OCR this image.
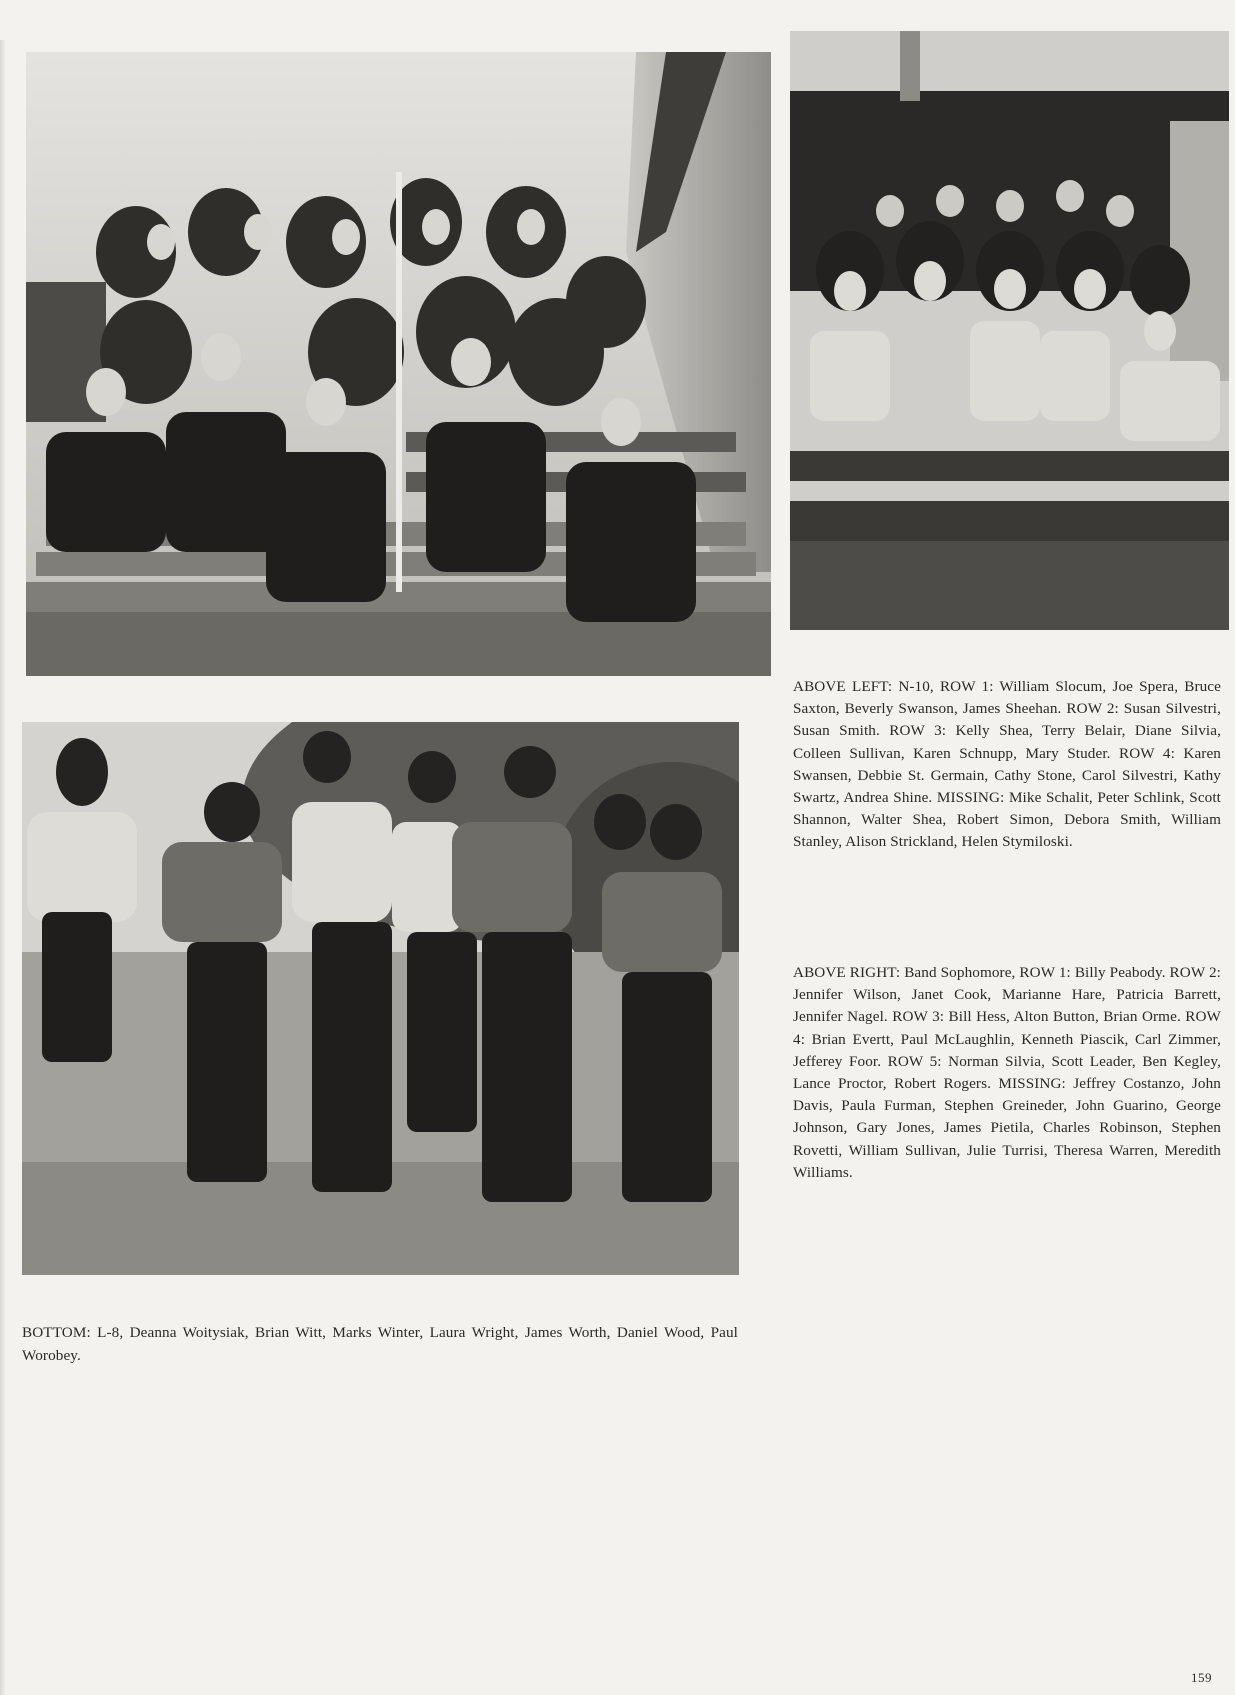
ABOVE LEFT: N-10, ROW 1: William Slocum, Joe Spera, Bruce Saxton, Beverly Swanson, James Sheehan. ROW 2: Susan Silvestri, Susan Smith. ROW 3: Kelly Shea, Terry Belair, Diane Silvia, Colleen Sullivan, Karen Schnupp, Mary Studer. ROW 4: Karen Swansen, Debbie St. Germain, Cathy Stone, Carol Silvestri, Kathy Swartz, Andrea Shine. MISSING: Mike Schalit, Peter Schlink, Scott Shannon, Walter Shea, Robert Simon, Debora Smith, William Stanley, Alison Strickland, Helen Stymiloski.
ABOVE RIGHT: Band Sophomore, ROW 1: Billy Peabody. ROW 2: Jennifer Wilson, Janet Cook, Marianne Hare, Patricia Barrett, Jennifer Nagel. ROW 3: Bill Hess, Alton Button, Brian Orme. ROW 4: Brian Evertt, Paul McLaughlin, Kenneth Piascik, Carl Zimmer, Jefferey Foor. ROW 5: Norman Silvia, Scott Leader, Ben Kegley, Lance Proctor, Robert Rogers. MISSING: Jeffrey Costanzo, John Davis, Paula Furman, Stephen Greineder, John Guarino, George Johnson, Gary Jones, James Pietila, Charles Robinson, Stephen Rovetti, William Sullivan, Julie Turrisi, Theresa Warren, Meredith Williams.
BOTTOM: L-8, Deanna Woitysiak, Brian Witt, Marks Winter, Laura Wright, James Worth, Daniel Wood, Paul Worobey.
159
